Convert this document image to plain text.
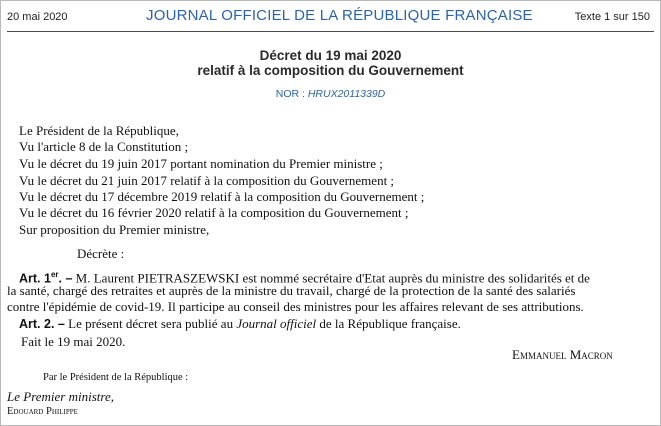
20 mai 2020	JOURNAL OFFICIEL DE LA RÉPUBLIQUE FRANÇAISE	Texte 1 sur 150
Décret du 19 mai 2020
relatif à la composition du Gouvernement
NOR : HRUX2011339D
Le Président de la République,
Vu l'article 8 de la Constitution ;
Vu le décret du 19 juin 2017 portant nomination du Premier ministre ;
Vu le décret du 21 juin 2017 relatif à la composition du Gouvernement ;
Vu le décret du 17 décembre 2019 relatif à la composition du Gouvernement ;
Vu le décret du 16 février 2020 relatif à la composition du Gouvernement ;
Sur proposition du Premier ministre,
Décrète :
Art. 1er. – M. Laurent PIETRASZEWSKI est nommé secrétaire d'Etat auprès du ministre des solidarités et de
la santé, chargé des retraites et auprès de la ministre du travail, chargé de la protection de la santé des salariés
contre l'épidémie de covid-19. Il participe au conseil des ministres pour les affaires relevant de ses attributions.
Art. 2. – Le présent décret sera publié au Journal officiel de la République française.
Fait le 19 mai 2020.
Emmanuel Macron
Par le Président de la République :
Le Premier ministre,
Edouard Philippe
